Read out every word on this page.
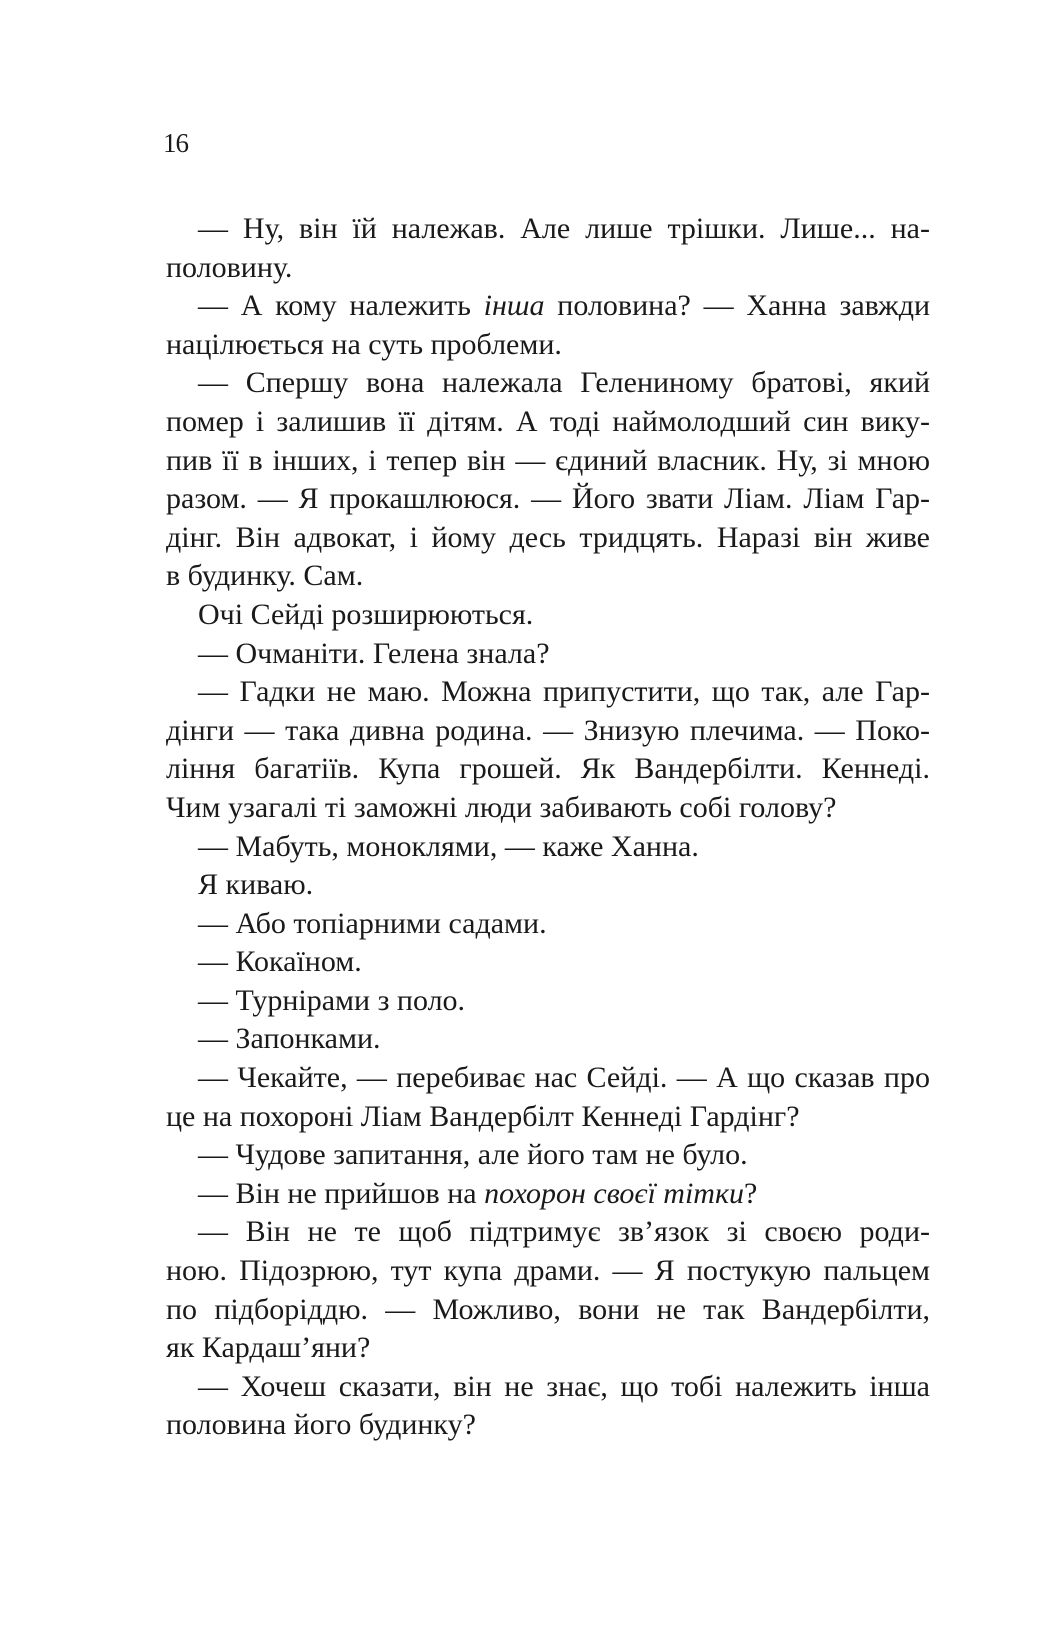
16

— Ну, він їй належав. Але лише трішки. Лише... на-
половину.

— А кому належить інша половина? — Ханна завжди
націлюється на суть проблеми.

— Спершу вона належала Гелениному братові, який
помер і залишив її дітям. А тоді наймолодший син вику-
пив її в інших, і тепер він — єдиний власник. Ну, зі мною
разом. — Я прокашлююся. — Його звати Ліам. Ліам Гар-
дінг. Він адвокат, і йому десь тридцять. Наразі він живе
в будинку. Сам.

Очі Сейді розширюються.

— Очманіти. Гелена знала?

— Гадки не маю. Можна припустити, що так, але Гар-
дінги — така дивна родина. — Знизую плечима. — Поко-
ління багатіїв. Купа грошей. Як Вандербілти. Кеннеді.
Чим узагалі ті заможні люди забивають собі голову?

— Мабуть, моноклями, — каже Ханна.

Я киваю.

— Або топіарними садами.

— Кокаїном.

— Турнірами з поло.

— Запонками.

— Чекайте, — перебиває нас Сейді. — А що сказав про
це на похороні Ліам Вандербілт Кеннеді Гардінг?

— Чудове запитання, але його там не було.

— Він не прийшов на похорон своєї тітки?

— Він не те щоб підтримує зв’язок зі своєю роди-
ною. Підозрюю, тут купа драми. — Я постукую пальцем
по підборіддю. — Можливо, вони не так Вандербілти,
як Кардаш’яни?

— Хочеш сказати, він не знає, що тобі належить інша
половина його будинку?
